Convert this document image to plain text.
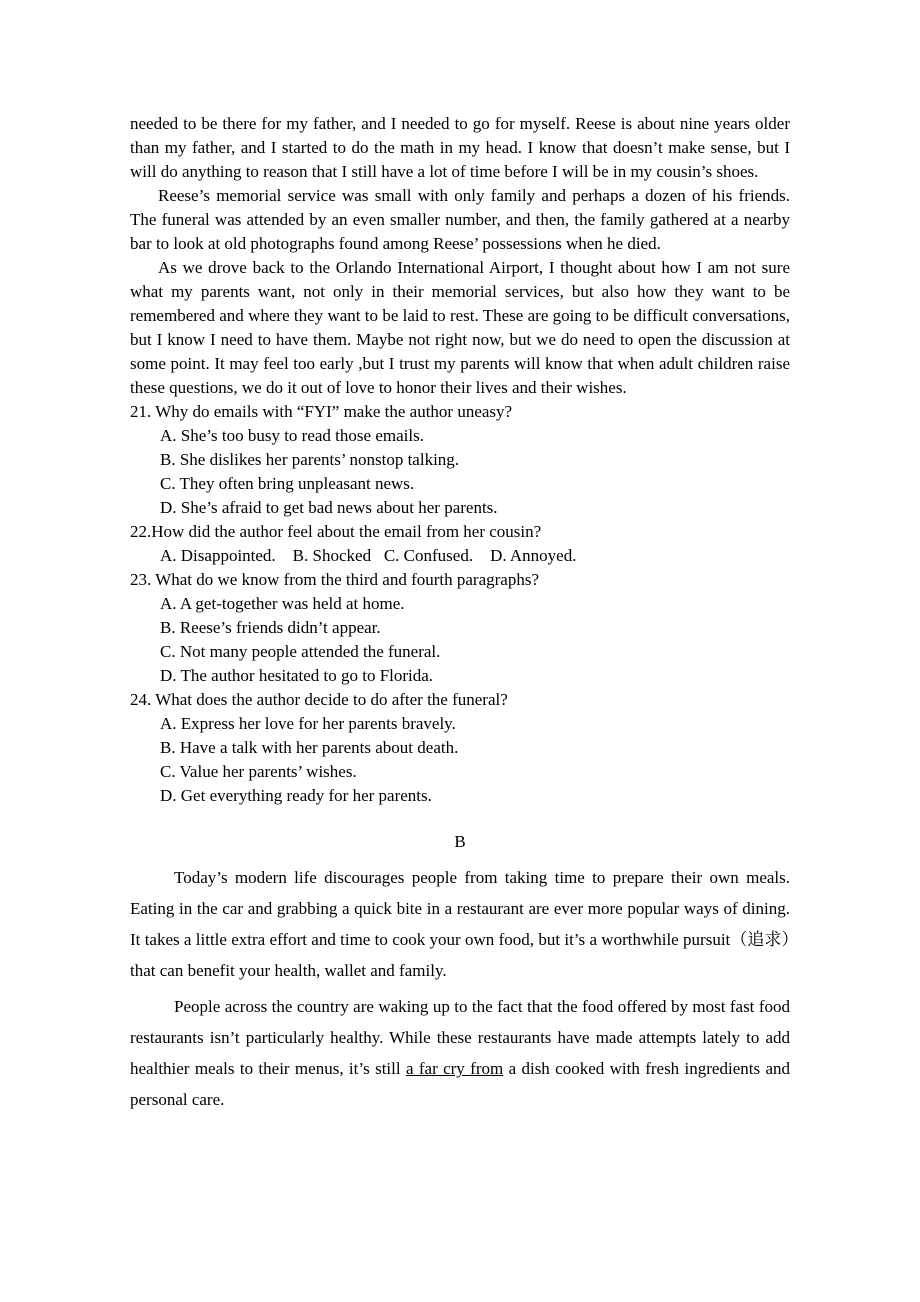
needed to be there for my father, and I needed to go for myself. Reese is about nine years older than my father, and I started to do the math in my head. I know that doesn’t make sense, but I will do anything to reason that I still have a lot of time before I will be in my cousin’s shoes.

Reese’s memorial service was small with only family and perhaps a dozen of his friends. The funeral was attended by an even smaller number, and then, the family gathered at a nearby bar to look at old photographs found among Reese’ possessions when he died.

As we drove back to the Orlando International Airport, I thought about how I am not sure what my parents want, not only in their memorial services, but also how they want to be remembered and where they want to be laid to rest. These are going to be difficult conversations, but I know I need to have them. Maybe not right now, but we do need to open the discussion at some point. It may feel too early ,but I trust my parents will know that when adult children raise these questions, we do it out of love to honor their lives and their wishes.

21. Why do emails with “FYI” make the author uneasy?

A. She’s too busy to read those emails.

B. She dislikes her parents’ nonstop talking.

C. They often bring unpleasant news.

D. She’s afraid to get bad news about her parents.

22.How did the author feel about the email from her cousin?

A. Disappointed.    B. Shocked   C. Confused.    D. Annoyed.

23. What do we know from the third and fourth paragraphs?

A. A get-together was held at home.

B. Reese’s friends didn’t appear.

C. Not many people attended the funeral.

D. The author hesitated to go to Florida.

24. What does the author decide to do after the funeral?

A. Express her love for her parents bravely.

B. Have a talk with her parents about death.

C. Value her parents’ wishes.

D. Get everything ready for her parents.

B

Today’s modern life discourages people from taking time to prepare their own meals. Eating in the car and grabbing a quick bite in a restaurant are ever more popular ways of dining. It takes a little extra effort and time to cook your own food, but it’s a worthwhile pursuit（追求）that can benefit your health, wallet and family.

People across the country are waking up to the fact that the food offered by most fast food restaurants isn’t particularly healthy. While these restaurants have made attempts lately to add healthier meals to their menus, it’s still a far cry from a dish cooked with fresh ingredients and personal care.
